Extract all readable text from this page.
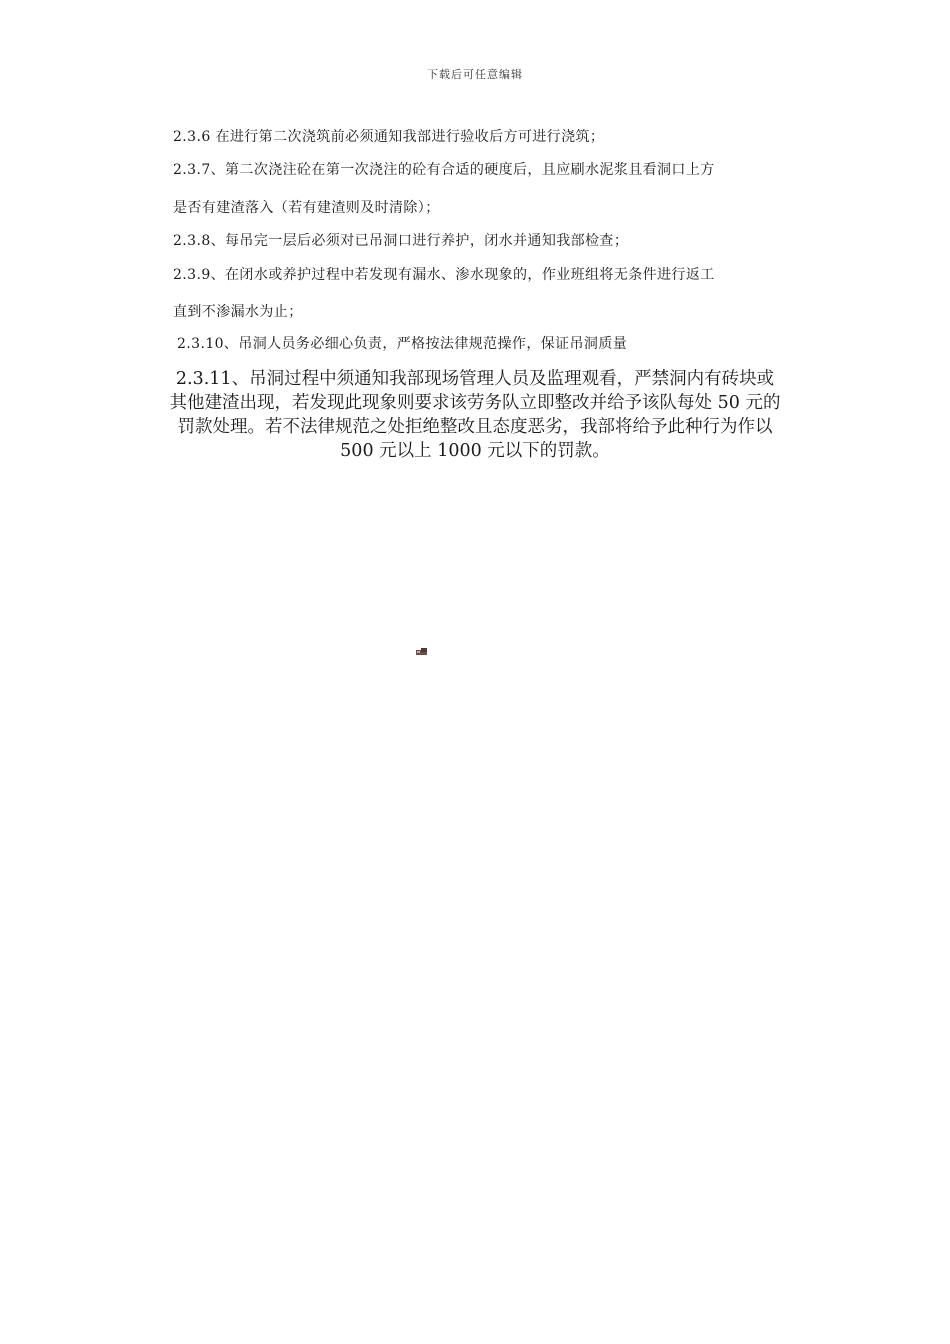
下载后可任意编辑
2.3.6 在进行第二次浇筑前必须通知我部进行验收后方可进行浇筑；
2.3.7、第二次浇注砼在第一次浇注的砼有合适的硬度后，且应刷水泥浆且看洞口上方
是否有建渣落入（若有建渣则及时清除）；
2.3.8、每吊完一层后必须对已吊洞口进行养护，闭水并通知我部检查；
2.3.9、在闭水或养护过程中若发现有漏水、渗水现象的，作业班组将无条件进行返工
直到不渗漏水为止；
2.3.10、吊洞人员务必细心负责，严格按法律规范操作，保证吊洞质量
2.3.11、吊洞过程中须通知我部现场管理人员及监理观看，严禁洞内有砖块或
其他建渣出现，若发现此现象则要求该劳务队立即整改并给予该队每处 50 元的
罚款处理。若不法律规范之处拒绝整改且态度恶劣，我部将给予此种行为作以
500 元以上 1000 元以下的罚款。
